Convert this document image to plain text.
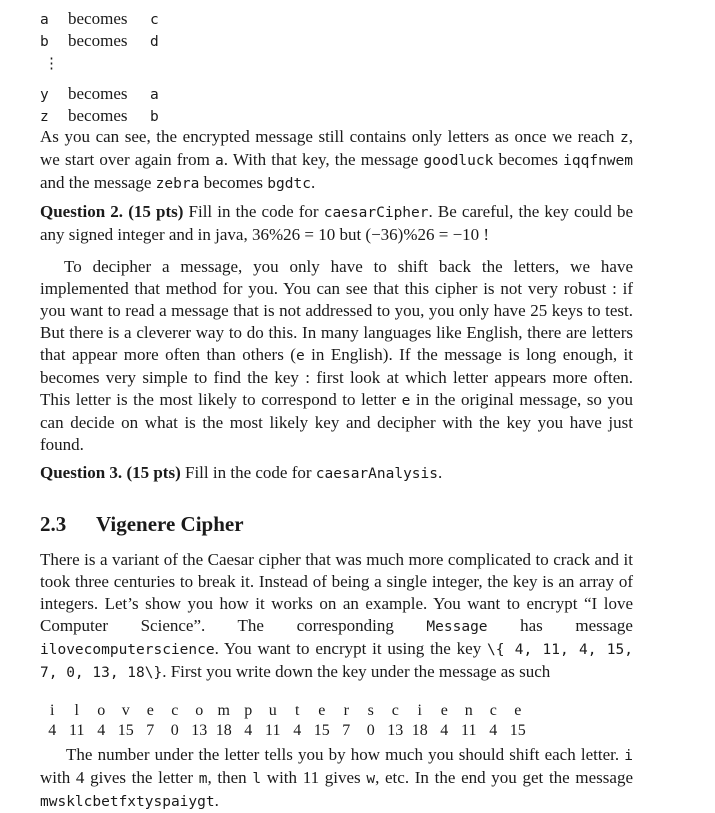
a becomes c
b becomes d
⋮
y becomes a
z becomes b
As you can see, the encrypted message still contains only letters as once we reach z, we start over again from a. With that key, the message goodluck becomes iqqfnwem and the message zebra becomes bgdtc.
Question 2. (15 pts) Fill in the code for caesarCipher. Be careful, the key could be any signed integer and in java, 36%26 = 10 but (−36)%26 = −10 !
To decipher a message, you only have to shift back the letters, we have implemented that method for you. You can see that this cipher is not very robust : if you want to read a message that is not addressed to you, you only have 25 keys to test. But there is a cleverer way to do this. In many languages like English, there are letters that appear more often than others (e in English). If the message is long enough, it becomes very simple to find the key : first look at which letter appears more often. This letter is the most likely to correspond to letter e in the original message, so you can decide on what is the most likely key and decipher with the key you have just found.
Question 3. (15 pts) Fill in the code for caesarAnalysis.
2.3 Vigenere Cipher
There is a variant of the Caesar cipher that was much more complicated to crack and it took three centuries to break it. Instead of being a single integer, the key is an array of integers. Let’s show you how it works on an example. You want to encrypt “I love Computer Science”. The corresponding Message has message ilovecomputerscience. You want to encrypt it using the key \{ 4, 11, 4, 15, 7, 0, 13, 18\}. First you write down the key under the message as such
i	l	o	v	e	c	o m p	u	t	e	r	s	c	i	e	n	c	e
4 11 4 15 7	0 13 18 4 11 4 15 7	0 13 18 4 11 4 15
The number under the letter tells you by how much you should shift each letter. i with 4 gives the letter m, then l with 11 gives w, etc. In the end you get the message mwsklcbetfxtyspaiygt.
